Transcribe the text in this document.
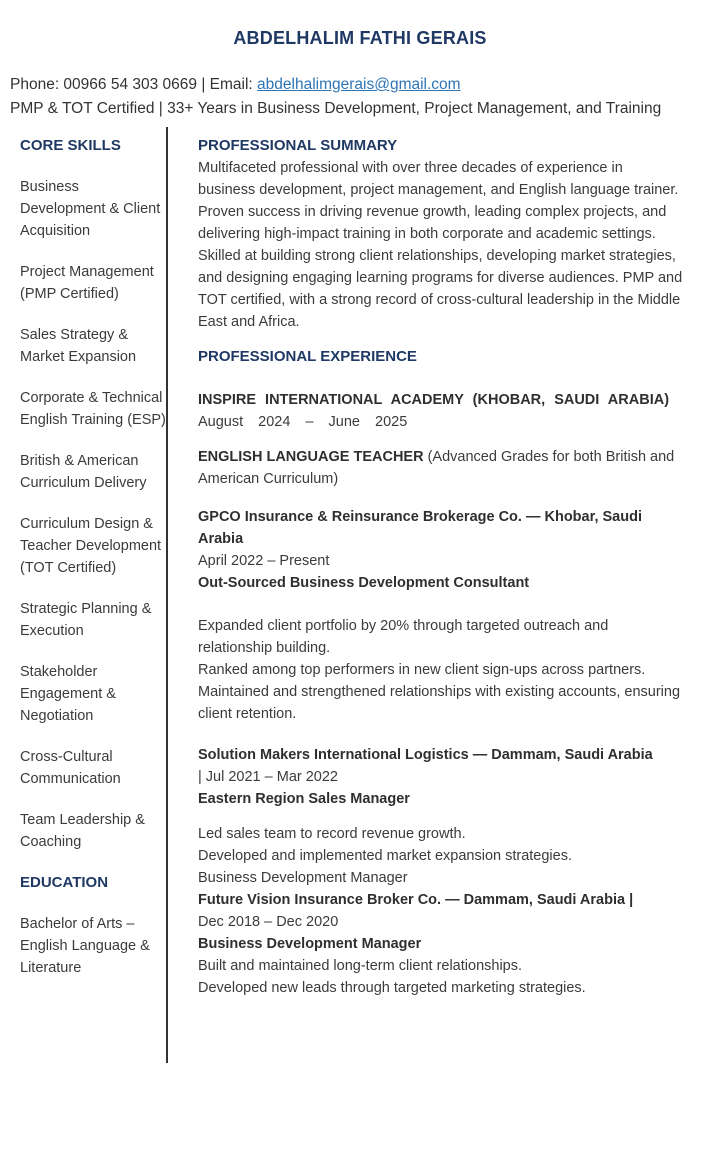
ABDELHALIM FATHI GERAIS

Phone: 00966 54 303 0669 | Email: abdelhalimgerais@gmail.com

PMP & TOT Certified | 33+ Years in Business Development, Project Management, and Training

CORE SKILLS

Business Development & Client Acquisition

Project Management (PMP Certified)

Sales Strategy & Market Expansion

Corporate & Technical English Training (ESP)

British & American Curriculum Delivery

Curriculum Design & Teacher Development (TOT Certified)

Strategic Planning & Execution

Stakeholder Engagement & Negotiation

Cross-Cultural Communication

Team Leadership & Coaching

EDUCATION

Bachelor of Arts – English Language & Literature

PROFESSIONAL SUMMARY

Multifaceted professional with over three decades of experience in business development, project management, and English language trainer. Proven success in driving revenue growth, leading complex projects, and delivering high-impact training in both corporate and academic settings. Skilled at building strong client relationships, developing market strategies, and designing engaging learning programs for diverse audiences. PMP and TOT certified, with a strong record of cross-cultural leadership in the Middle East and Africa.

PROFESSIONAL EXPERIENCE
INSPIRE INTERNATIONAL ACADEMY (KHOBAR, SAUDI ARABIA)
August 2024 – June 2025

ENGLISH LANGUAGE TEACHER (Advanced Grades for both British and American Curriculum)

GPCO Insurance & Reinsurance Brokerage Co. — Khobar, Saudi Arabia
April 2022 – Present
Out-Sourced Business Development Consultant
Expanded client portfolio by 20% through targeted outreach and relationship building.
Ranked among top performers in new client sign-ups across partners.
Maintained and strengthened relationships with existing accounts, ensuring client retention.
Solution Makers International Logistics — Dammam, Saudi Arabia
| Jul 2021 – Mar 2022
Eastern Region Sales Manager
Led sales team to record revenue growth.
Developed and implemented market expansion strategies.
Business Development Manager
Future Vision Insurance Broker Co. — Dammam, Saudi Arabia |
Dec 2018 – Dec 2020
Business Development Manager
Built and maintained long-term client relationships.
Developed new leads through targeted marketing strategies.
